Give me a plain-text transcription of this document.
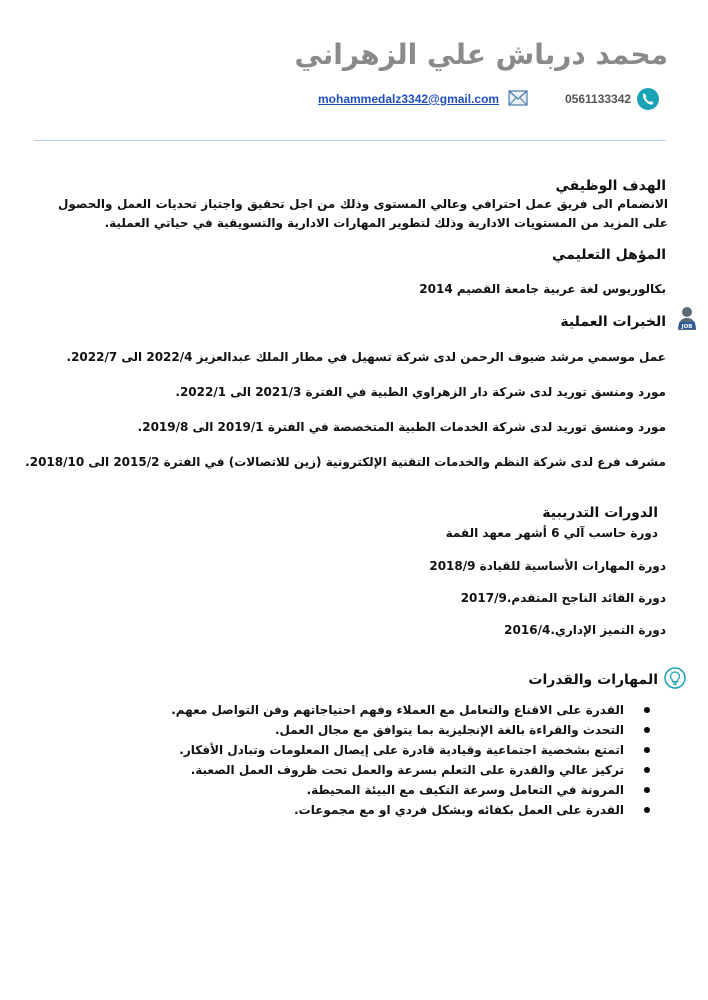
محمد درباش علي الزهراني
0561133342
mohammedalz3342@gmail.com
الهدف الوظيفي
الانضمام الى فريق عمل احترافي وعالي المستوى وذلك من اجل تحقيق واجتياز تحديات العمل والحصول على المزيد من المستويات الادارية وذلك لتطوير المهارات الادارية والتسويقية في حياتي العملية.
المؤهل التعليمي
بكالوريوس لغة عربية جامعة القصيم 2014
JOB
الخبرات العملية
عمل موسمي مرشد ضيوف الرحمن لدى شركة تسهيل في مطار الملك عبدالعزيز 2022/4 الى 2022/7.
مورد ومنسق توريد لدى شركة دار الزهراوي الطبية في الفترة 2021/3 الى 2022/1.
مورد ومنسق توريد لدى شركة الخدمات الطبية المتخصصة في الفترة 2019/1 الى 2019/8.
مشرف فرع لدى شركة النظم والخدمات التقنية الإلكترونية (زين للاتصالات) في الفترة 2015/2 الى 2018/10.
الدورات التدريبية
دورة حاسب آلي 6 أشهر معهد القمة
دورة المهارات الأساسية للقيادة 2018/9
دورة القائد الناجح المتقدم.2017/9
دورة التميز الإداري.2016/4
المهارات والقدرات
القدرة على الاقناع والتعامل مع العملاء وفهم احتياجاتهم وفن التواصل معهم.
التحدث والقراءة بالغة الإنجليزية بما يتوافق مع مجال العمل.
اتمتع بشخصية اجتماعية وقيادية قادرة على إيصال المعلومات وتبادل الأفكار.
تركيز عالي والقدرة على التعلم بسرعة والعمل تحت ظروف العمل الصعبة.
المرونة في التعامل وسرعة التكيف مع البيئة المحيطة.
القدرة على العمل بكفائه وبشكل فردي او مع مجموعات.
